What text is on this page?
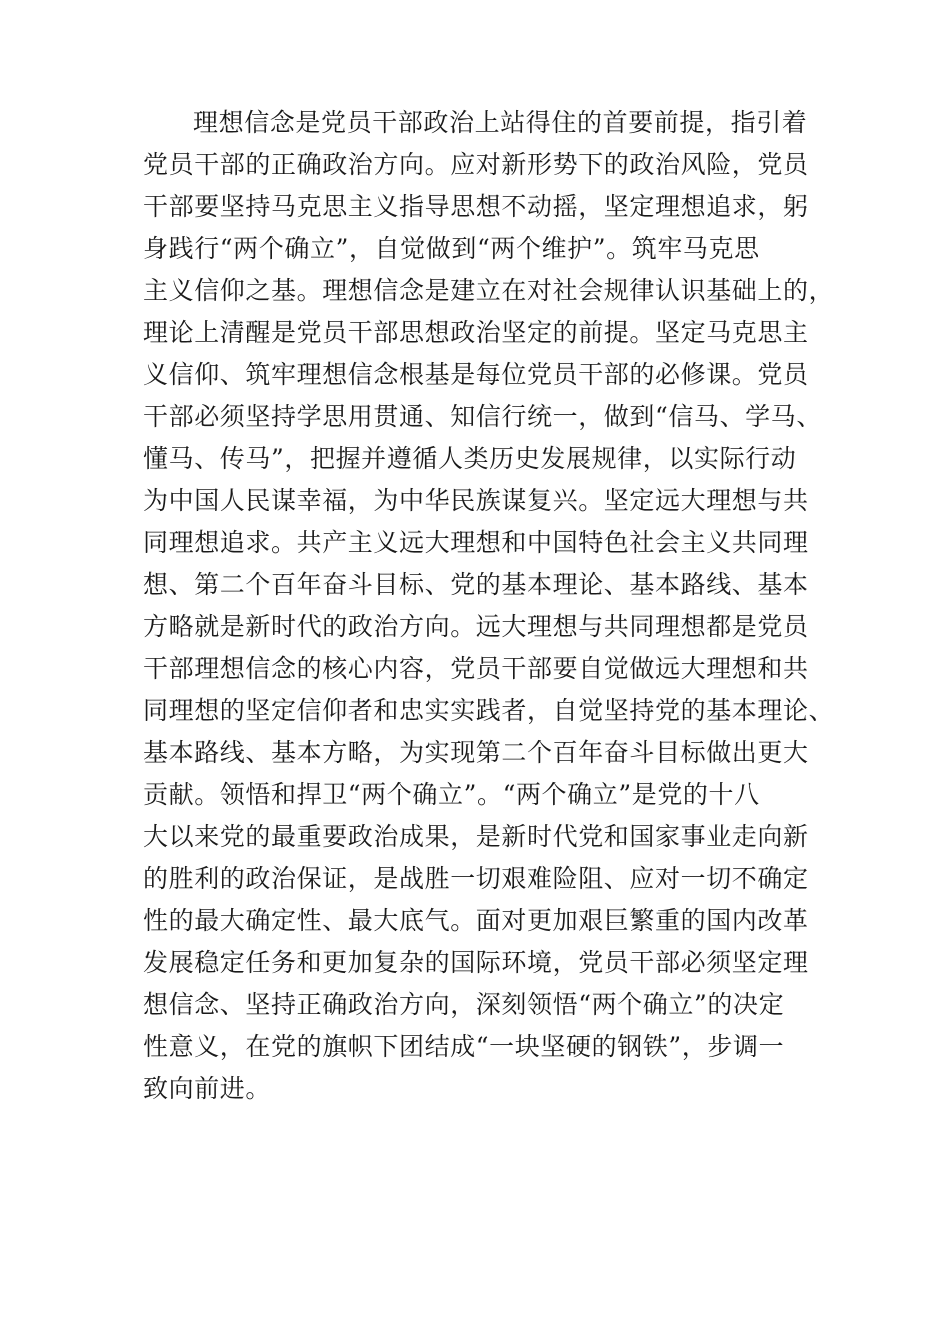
理想信念是党员干部政治上站得住的首要前提，指引着
党员干部的正确政治方向。应对新形势下的政治风险，党员
干部要坚持马克思主义指导思想不动摇，坚定理想追求，躬
身践行“两个确立”，自觉做到“两个维护”。筑牢马克思
主义信仰之基。理想信念是建立在对社会规律认识基础上的，
理论上清醒是党员干部思想政治坚定的前提。坚定马克思主
义信仰、筑牢理想信念根基是每位党员干部的必修课。党员
干部必须坚持学思用贯通、知信行统一，做到“信马、学马、
懂马、传马”，把握并遵循人类历史发展规律，以实际行动
为中国人民谋幸福，为中华民族谋复兴。坚定远大理想与共
同理想追求。共产主义远大理想和中国特色社会主义共同理
想、第二个百年奋斗目标、党的基本理论、基本路线、基本
方略就是新时代的政治方向。远大理想与共同理想都是党员
干部理想信念的核心内容，党员干部要自觉做远大理想和共
同理想的坚定信仰者和忠实实践者，自觉坚持党的基本理论、
基本路线、基本方略，为实现第二个百年奋斗目标做出更大
贡献。领悟和捍卫“两个确立”。“两个确立”是党的十八
大以来党的最重要政治成果，是新时代党和国家事业走向新
的胜利的政治保证，是战胜一切艰难险阻、应对一切不确定
性的最大确定性、最大底气。面对更加艰巨繁重的国内改革
发展稳定任务和更加复杂的国际环境，党员干部必须坚定理
想信念、坚持正确政治方向，深刻领悟“两个确立”的决定
性意义，在党的旗帜下团结成“一块坚硬的钢铁”，步调一
致向前进。
